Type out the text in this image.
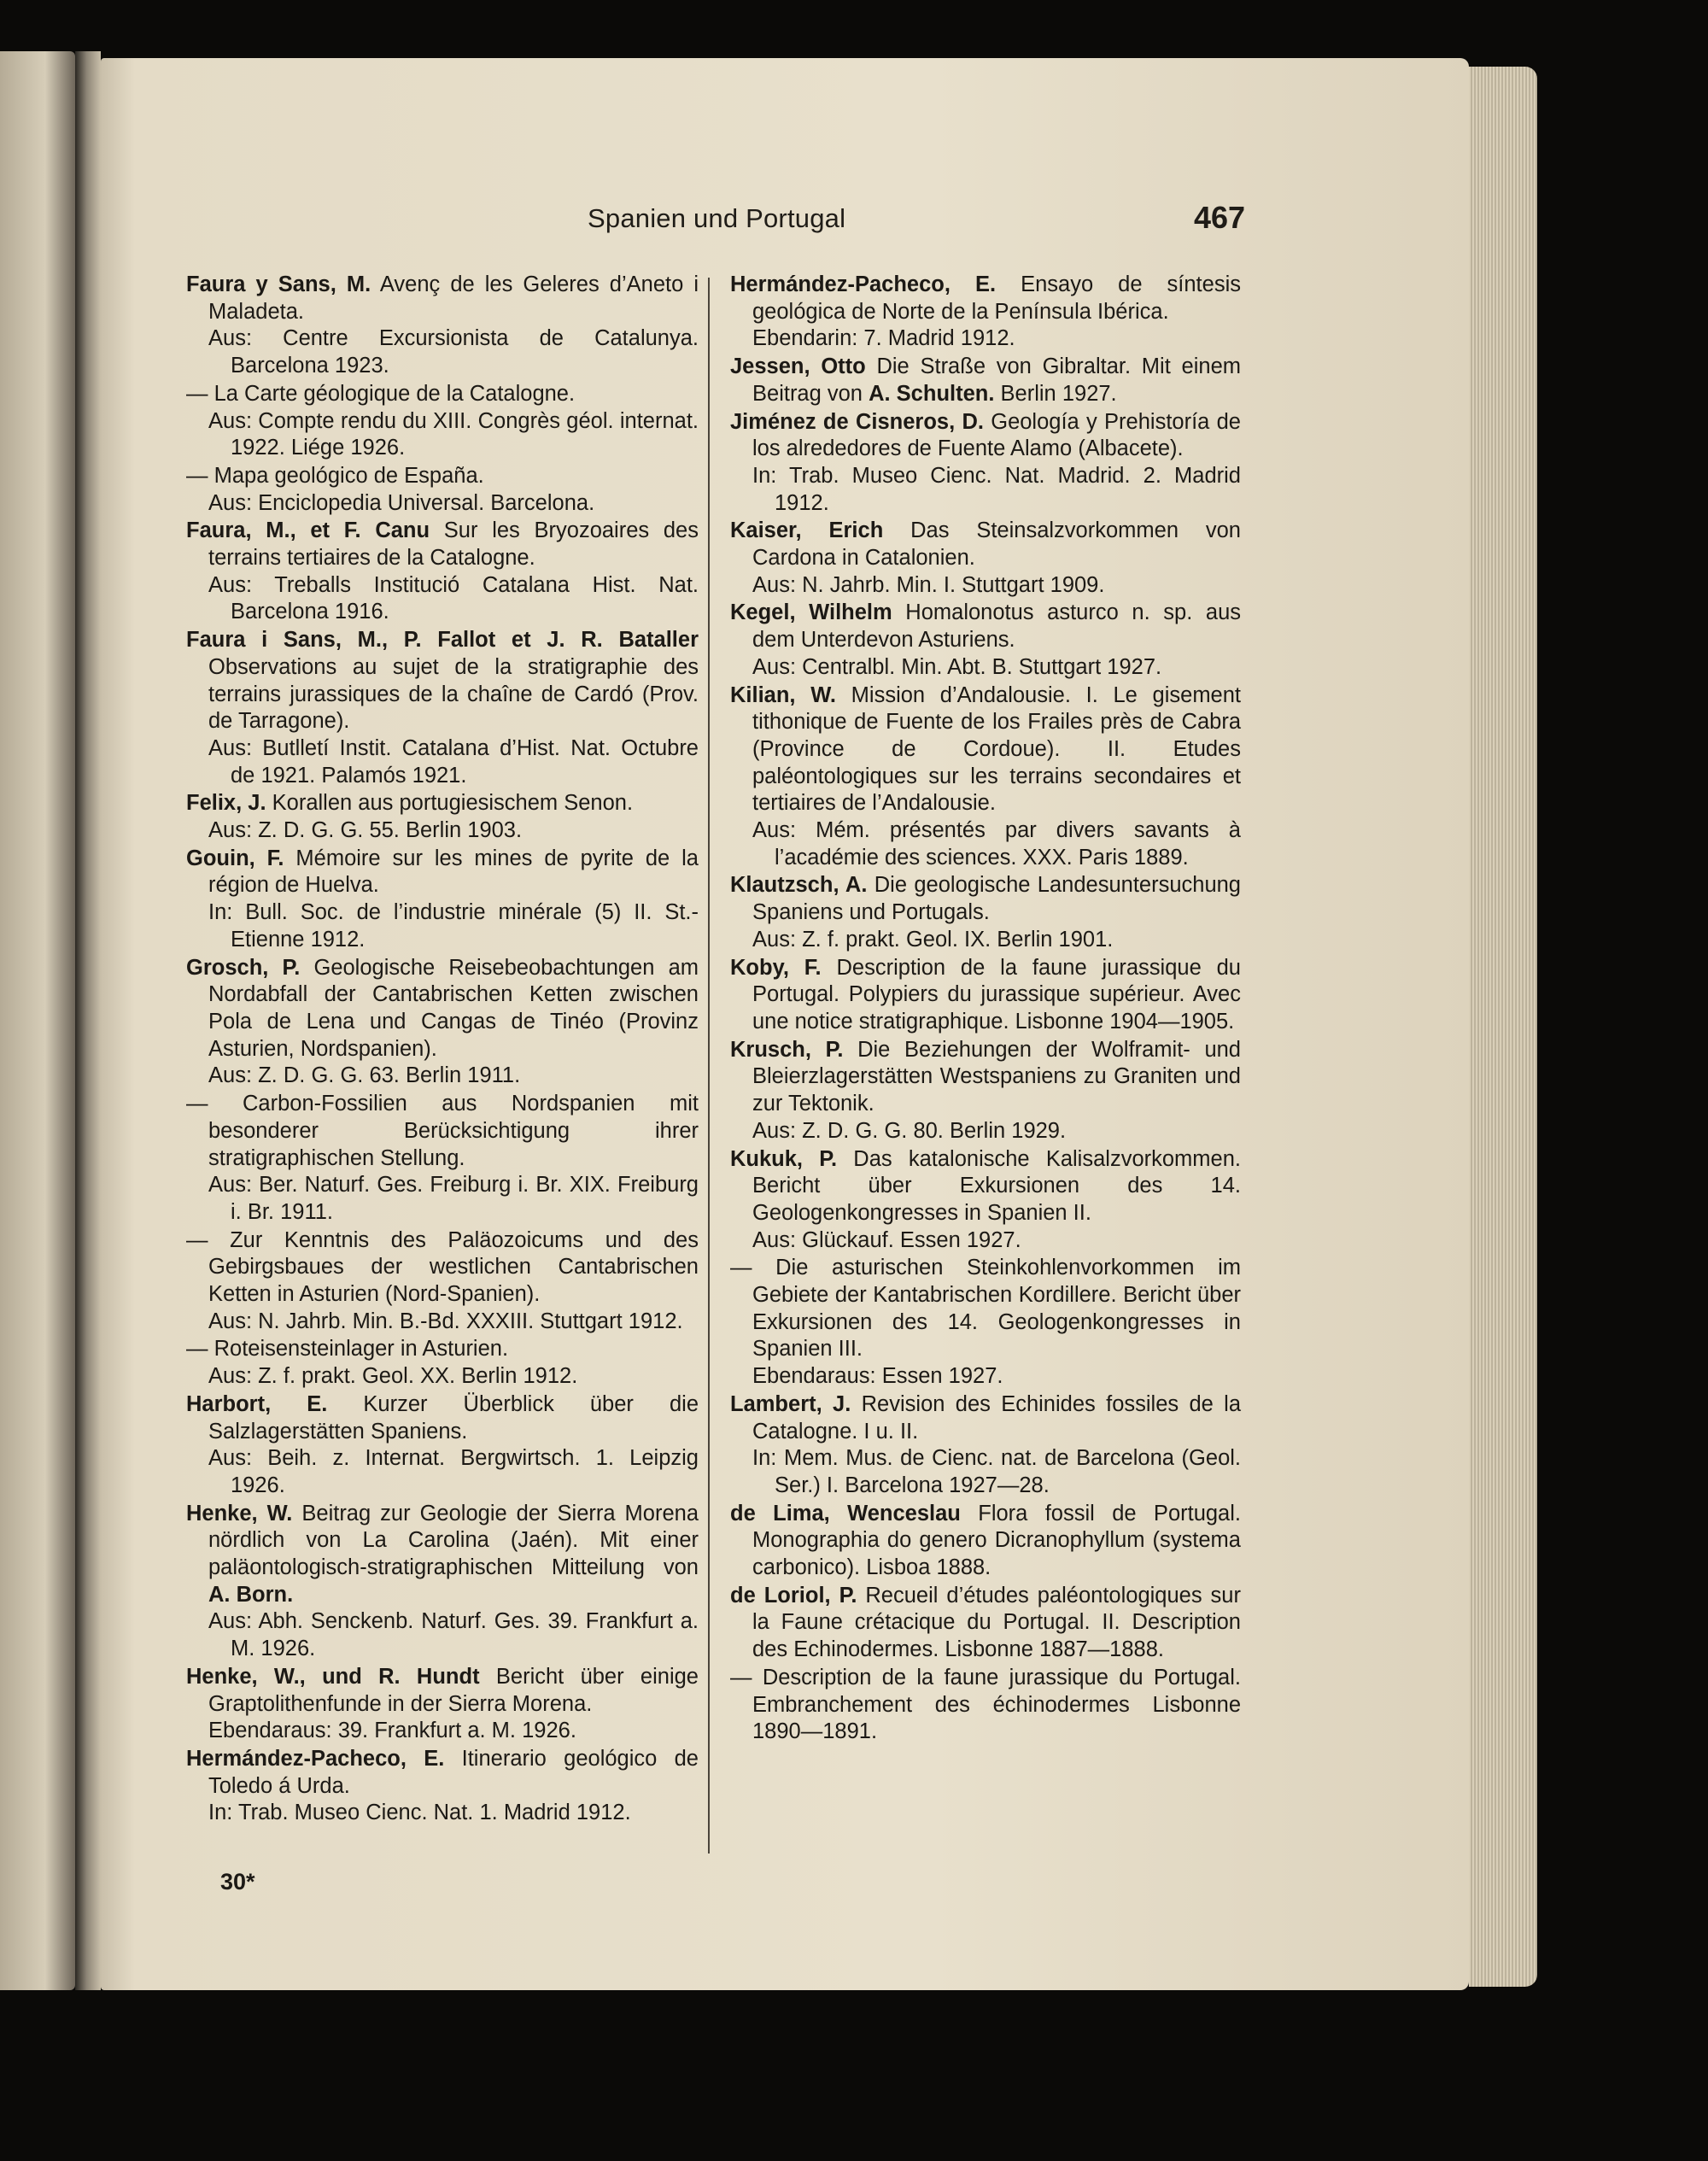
Spanien und Portugal	467
Faura y Sans, M. Avenç de les Geleres d’Aneto i Maladeta.
Aus: Centre Excursionista de Catalunya. Barcelona 1923.
— La Carte géologique de la Catalogne.
Aus: Compte rendu du XIII. Congrès géol. internat. 1922. Liége 1926.
— Mapa geológico de España.
Aus: Enciclopedia Universal. Barcelona.
Faura, M., et F. Canu Sur les Bryozoaires des terrains tertiaires de la Catalogne.
Aus: Treballs Institució Catalana Hist. Nat. Barcelona 1916.
Faura i Sans, M., P. Fallot et J. R. Bataller Observations au sujet de la stratigraphie des terrains jurassiques de la chaîne de Cardó (Prov. de Tarragone).
Aus: Butlletí Instit. Catalana d’Hist. Nat. Octubre de 1921. Palamós 1921.
Felix, J. Korallen aus portugiesischem Senon.
Aus: Z. D. G. G. 55. Berlin 1903.
Gouin, F. Mémoire sur les mines de pyrite de la région de Huelva.
In: Bull. Soc. de l’industrie minérale (5) II. St.-Etienne 1912.
Grosch, P. Geologische Reisebeobachtungen am Nordabfall der Cantabrischen Ketten zwischen Pola de Lena und Cangas de Tinéo (Provinz Asturien, Nordspanien).
Aus: Z. D. G. G. 63. Berlin 1911.
— Carbon-Fossilien aus Nordspanien mit besonderer Berücksichtigung ihrer stratigraphischen Stellung.
Aus: Ber. Naturf. Ges. Freiburg i. Br. XIX. Freiburg i. Br. 1911.
— Zur Kenntnis des Paläozoicums und des Gebirgsbaues der westlichen Cantabrischen Ketten in Asturien (Nord-Spanien).
Aus: N. Jahrb. Min. B.-Bd. XXXIII. Stuttgart 1912.
— Roteisensteinlager in Asturien.
Aus: Z. f. prakt. Geol. XX. Berlin 1912.
Harbort, E. Kurzer Überblick über die Salzlagerstätten Spaniens.
Aus: Beih. z. Internat. Bergwirtsch. 1. Leipzig 1926.
Henke, W. Beitrag zur Geologie der Sierra Morena nördlich von La Carolina (Jaén). Mit einer paläontologisch-stratigraphischen Mitteilung von A. Born.
Aus: Abh. Senckenb. Naturf. Ges. 39. Frankfurt a. M. 1926.
Henke, W., und R. Hundt Bericht über einige Graptolithenfunde in der Sierra Morena.
Ebendaraus: 39. Frankfurt a. M. 1926.
Hermández-Pacheco, E. Itinerario geológico de Toledo á Urda.
In: Trab. Museo Cienc. Nat. 1. Madrid 1912.
Hermández-Pacheco, E. Ensayo de síntesis geológica de Norte de la Península Ibérica.
Ebendarin: 7. Madrid 1912.
Jessen, Otto Die Straße von Gibraltar. Mit einem Beitrag von A. Schulten. Berlin 1927.
Jiménez de Cisneros, D. Geología y Prehistoría de los alrededores de Fuente Alamo (Albacete).
In: Trab. Museo Cienc. Nat. Madrid. 2. Madrid 1912.
Kaiser, Erich Das Steinsalzvorkommen von Cardona in Catalonien.
Aus: N. Jahrb. Min. I. Stuttgart 1909.
Kegel, Wilhelm Homalonotus asturco n. sp. aus dem Unterdevon Asturiens.
Aus: Centralbl. Min. Abt. B. Stuttgart 1927.
Kilian, W. Mission d’Andalousie. I. Le gisement tithonique de Fuente de los Frailes près de Cabra (Province de Cordoue). II. Etudes paléontologiques sur les terrains secondaires et tertiaires de l’Andalousie.
Aus: Mém. présentés par divers savants à l’académie des sciences. XXX. Paris 1889.
Klautzsch, A. Die geologische Landesuntersuchung Spaniens und Portugals.
Aus: Z. f. prakt. Geol. IX. Berlin 1901.
Koby, F. Description de la faune jurassique du Portugal. Polypiers du jurassique supérieur. Avec une notice stratigraphique. Lisbonne 1904—1905.
Krusch, P. Die Beziehungen der Wolframit- und Bleierzlagerstätten Westspaniens zu Graniten und zur Tektonik.
Aus: Z. D. G. G. 80. Berlin 1929.
Kukuk, P. Das katalonische Kalisalzvorkommen. Bericht über Exkursionen des 14. Geologenkongresses in Spanien II.
Aus: Glückauf. Essen 1927.
— Die asturischen Steinkohlenvorkommen im Gebiete der Kantabrischen Kordillere. Bericht über Exkursionen des 14. Geologenkongresses in Spanien III.
Ebendaraus: Essen 1927.
Lambert, J. Revision des Echinides fossiles de la Catalogne. I u. II.
In: Mem. Mus. de Cienc. nat. de Barcelona (Geol. Ser.) I. Barcelona 1927—28.
de Lima, Wenceslau Flora fossil de Portugal. Monographia do genero Dicranophyllum (systema carbonico). Lisboa 1888.
de Loriol, P. Recueil d’études paléontologiques sur la Faune crétacique du Portugal. II. Description des Echinodermes. Lisbonne 1887—1888.
— Description de la faune jurassique du Portugal. Embranchement des échinodermes Lisbonne 1890—1891.
30*
